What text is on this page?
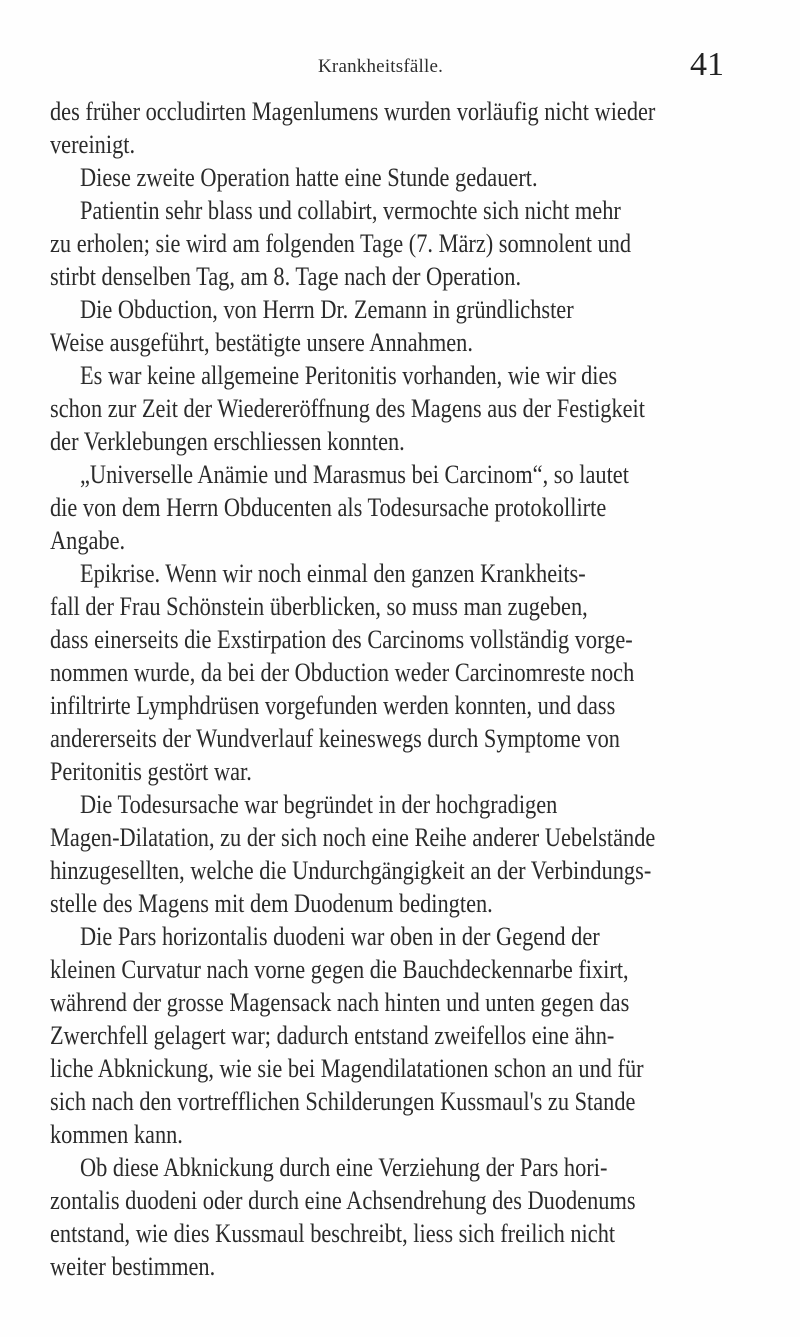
Krankheitsfälle.	41
des früher occludirten Magenlumens wurden vorläufig nicht wieder
vereinigt.
Diese zweite Operation hatte eine Stunde gedauert.
Patientin sehr blass und collabirt, vermochte sich nicht mehr
zu erholen; sie wird am folgenden Tage (7. März) somnolent und
stirbt denselben Tag, am 8. Tage nach der Operation.
Die Obduction, von Herrn Dr. Zemann in gründlichster
Weise ausgeführt, bestätigte unsere Annahmen.
Es war keine allgemeine Peritonitis vorhanden, wie wir dies
schon zur Zeit der Wiedereröffnung des Magens aus der Festigkeit
der Verklebungen erschliessen konnten.
„Universelle Anämie und Marasmus bei Carcinom“, so lautet
die von dem Herrn Obducenten als Todesursache protokollirte
Angabe.
Epikrise. Wenn wir noch einmal den ganzen Krankheits-
fall der Frau Schönstein überblicken, so muss man zugeben,
dass einerseits die Exstirpation des Carcinoms vollständig vorge-
nommen wurde, da bei der Obduction weder Carcinomreste noch
infiltrirte Lymphdrüsen vorgefunden werden konnten, und dass
andererseits der Wundverlauf keineswegs durch Symptome von
Peritonitis gestört war.
Die Todesursache war begründet in der hochgradigen
Magen-Dilatation, zu der sich noch eine Reihe anderer Uebelstände
hinzugesellten, welche die Undurchgängigkeit an der Verbindungs-
stelle des Magens mit dem Duodenum bedingten.
Die Pars horizontalis duodeni war oben in der Gegend der
kleinen Curvatur nach vorne gegen die Bauchdeckennarbe fixirt,
während der grosse Magensack nach hinten und unten gegen das
Zwerchfell gelagert war; dadurch entstand zweifellos eine ähn-
liche Abknickung, wie sie bei Magendilatationen schon an und für
sich nach den vortrefflichen Schilderungen Kussmaul's zu Stande
kommen kann.
Ob diese Abknickung durch eine Verziehung der Pars hori-
zontalis duodeni oder durch eine Achsendrehung des Duodenums
entstand, wie dies Kussmaul beschreibt, liess sich freilich nicht
weiter bestimmen.
